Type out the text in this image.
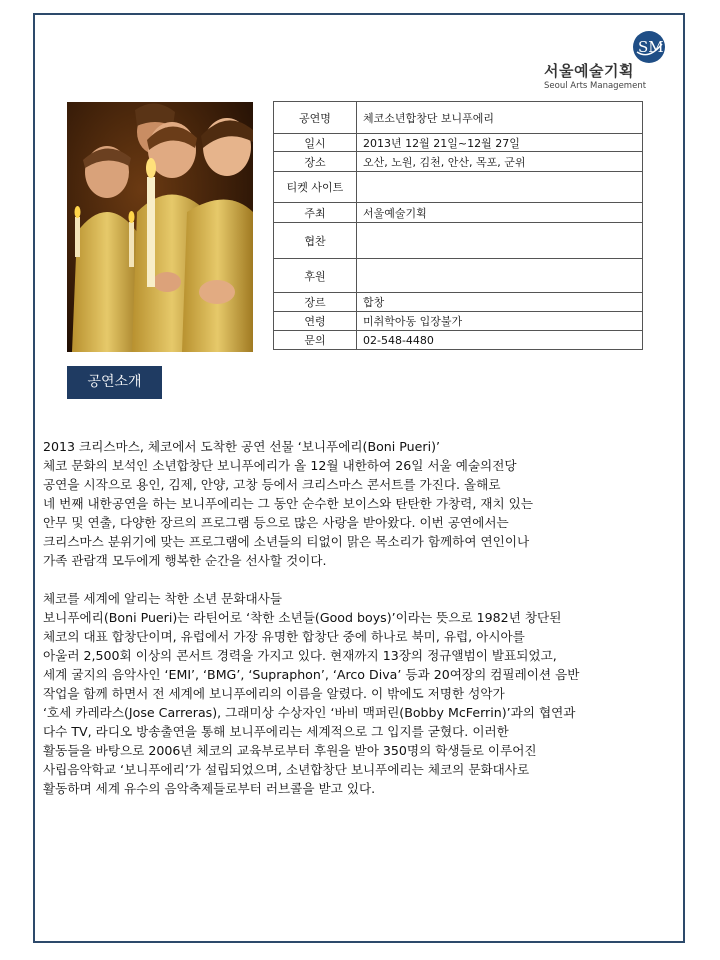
SM
서울예술기획
Seoul Arts Management
공연명	체코소년합창단 보니푸에리
일시	2013년 12월 21일~12월 27일
장소	오산, 노원, 김천, 안산, 목포, 군위
티켓 사이트	
주최	서울예술기획
협찬	
후원	
장르	합창
연령	미취학아동 입장불가
문의	02-548-4480
공연소개

2013 크리스마스, 체코에서 도착한 공연 선물 ‘보니푸에리(Boni Pueri)’

체코 문화의 보석인 소년합창단 보니푸에리가 올 12월 내한하여 26일 서울 예술의전당

공연을 시작으로 용인, 김제, 안양, 고창 등에서 크리스마스 콘서트를 가진다. 올해로

네 번째 내한공연을 하는 보니푸에리는 그 동안 순수한 보이스와 탄탄한 가창력, 재치 있는

안무 및 연출, 다양한 장르의 프로그램 등으로 많은 사랑을 받아왔다. 이번 공연에서는

크리스마스 분위기에 맞는 프로그램에 소년들의 티없이 맑은 목소리가 함께하여 연인이나

가족 관람객 모두에게 행복한 순간을 선사할 것이다.

체코를 세계에 알리는 착한 소년 문화대사들

보니푸에리(Boni Pueri)는 라틴어로 ‘착한 소년들(Good boys)’이라는 뜻으로 1982년 창단된

체코의 대표 합창단이며, 유럽에서 가장 유명한 합창단 중에 하나로 북미, 유럽, 아시아를

아울러 2,500회 이상의 콘서트 경력을 가지고 있다. 현재까지 13장의 정규앨범이 발표되었고,

세계 굴지의 음악사인 ‘EMI’, ‘BMG’, ‘Supraphon’, ‘Arco Diva’ 등과 20여장의 컴필레이션 음반

작업을 함께 하면서 전 세계에 보니푸에리의 이름을 알렸다. 이 밖에도 저명한 성악가

‘호세 카레라스(Jose Carreras), 그래미상 수상자인 ‘바비 맥퍼린(Bobby McFerrin)’과의 협연과

다수 TV, 라디오 방송출연을 통해 보니푸에리는 세계적으로 그 입지를 굳혔다. 이러한

활동들을 바탕으로 2006년 체코의 교육부로부터 후원을 받아 350명의 학생들로 이루어진

사립음악학교 ‘보니푸에리’가 설립되었으며, 소년합창단 보니푸에리는 체코의 문화대사로

활동하며 세계 유수의 음악축제들로부터 러브콜을 받고 있다.
